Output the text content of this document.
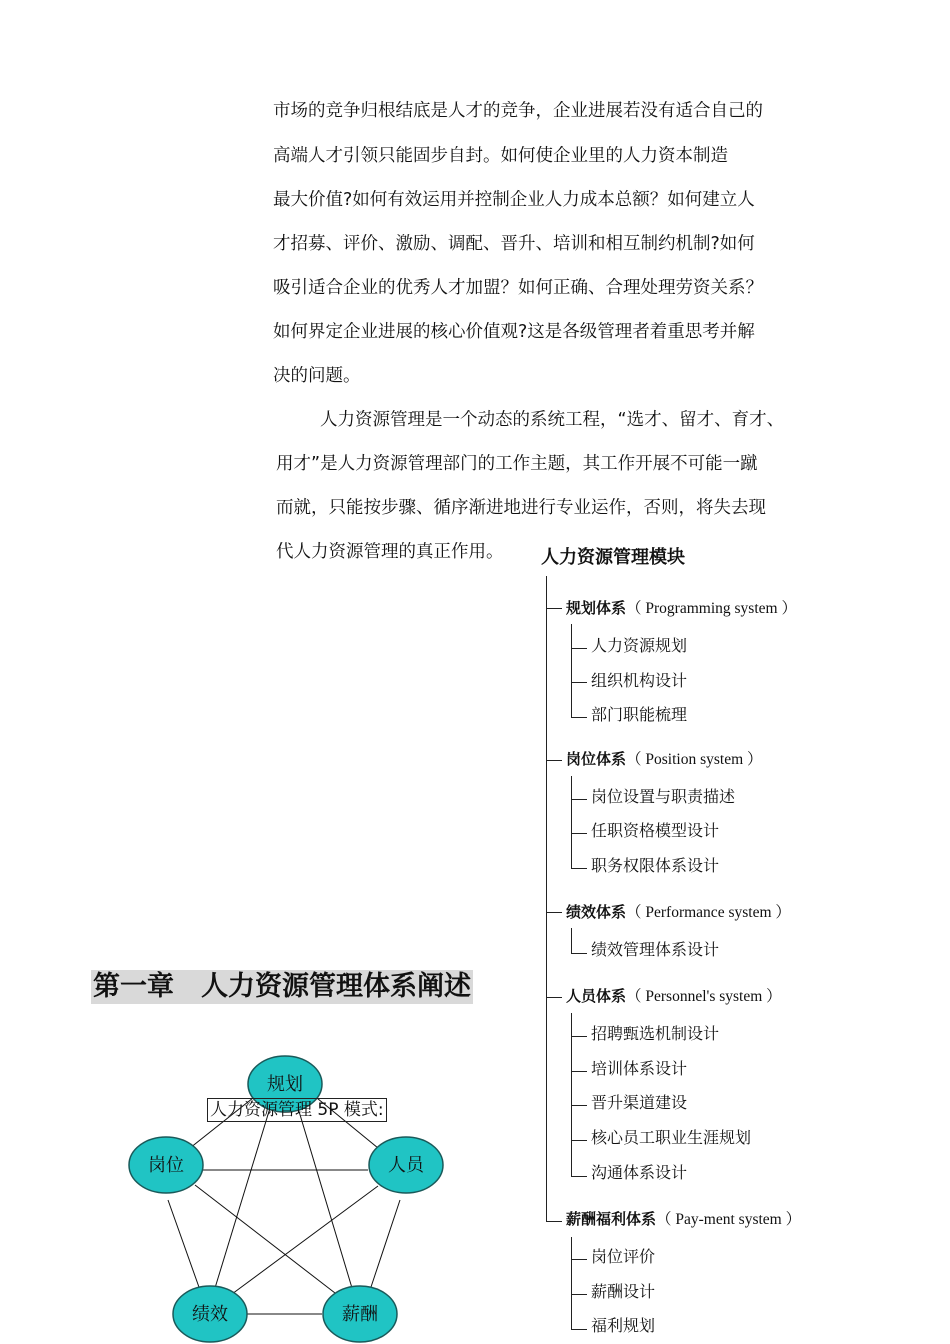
市场的竞争归根结底是人才的竞争，企业进展若没有适合自己的
高端人才引领只能固步自封。如何使企业里的人力资本制造
最大价值?如何有效运用并控制企业人力成本总额？如何建立人
才招募、评价、激励、调配、晋升、培训和相互制约机制?如何
吸引适合企业的优秀人才加盟？如何正确、合理处理劳资关系？
如何界定企业进展的核心价值观?这是各级管理者着重思考并解
决的问题。
人力资源管理是一个动态的系统工程，“选才、留才、育才、
用才”是人力资源管理部门的工作主题，其工作开展不可能一蹴
而就，只能按步骤、循序渐进地进行专业运作，否则，将失去现
代人力资源管理的真正作用。
第一章　人力资源管理体系阐述
人力资源管理模块
规划体系（ Programming system ）
人力资源规划
组织机构设计
部门职能梳理
岗位体系（ Position system ）
岗位设置与职责描述
任职资格模型设计
职务权限体系设计
绩效体系（ Performance system ）
绩效管理体系设计
人员体系（ Personnel's system ）
招聘甄选机制设计
培训体系设计
晋升渠道建设
核心员工职业生涯规划
沟通体系设计
薪酬福利体系（ Pay-ment system ）
岗位评价
薪酬设计
福利规划
规划
岗位	人员
绩效	薪酬
人力资源管理 5P 模式:
